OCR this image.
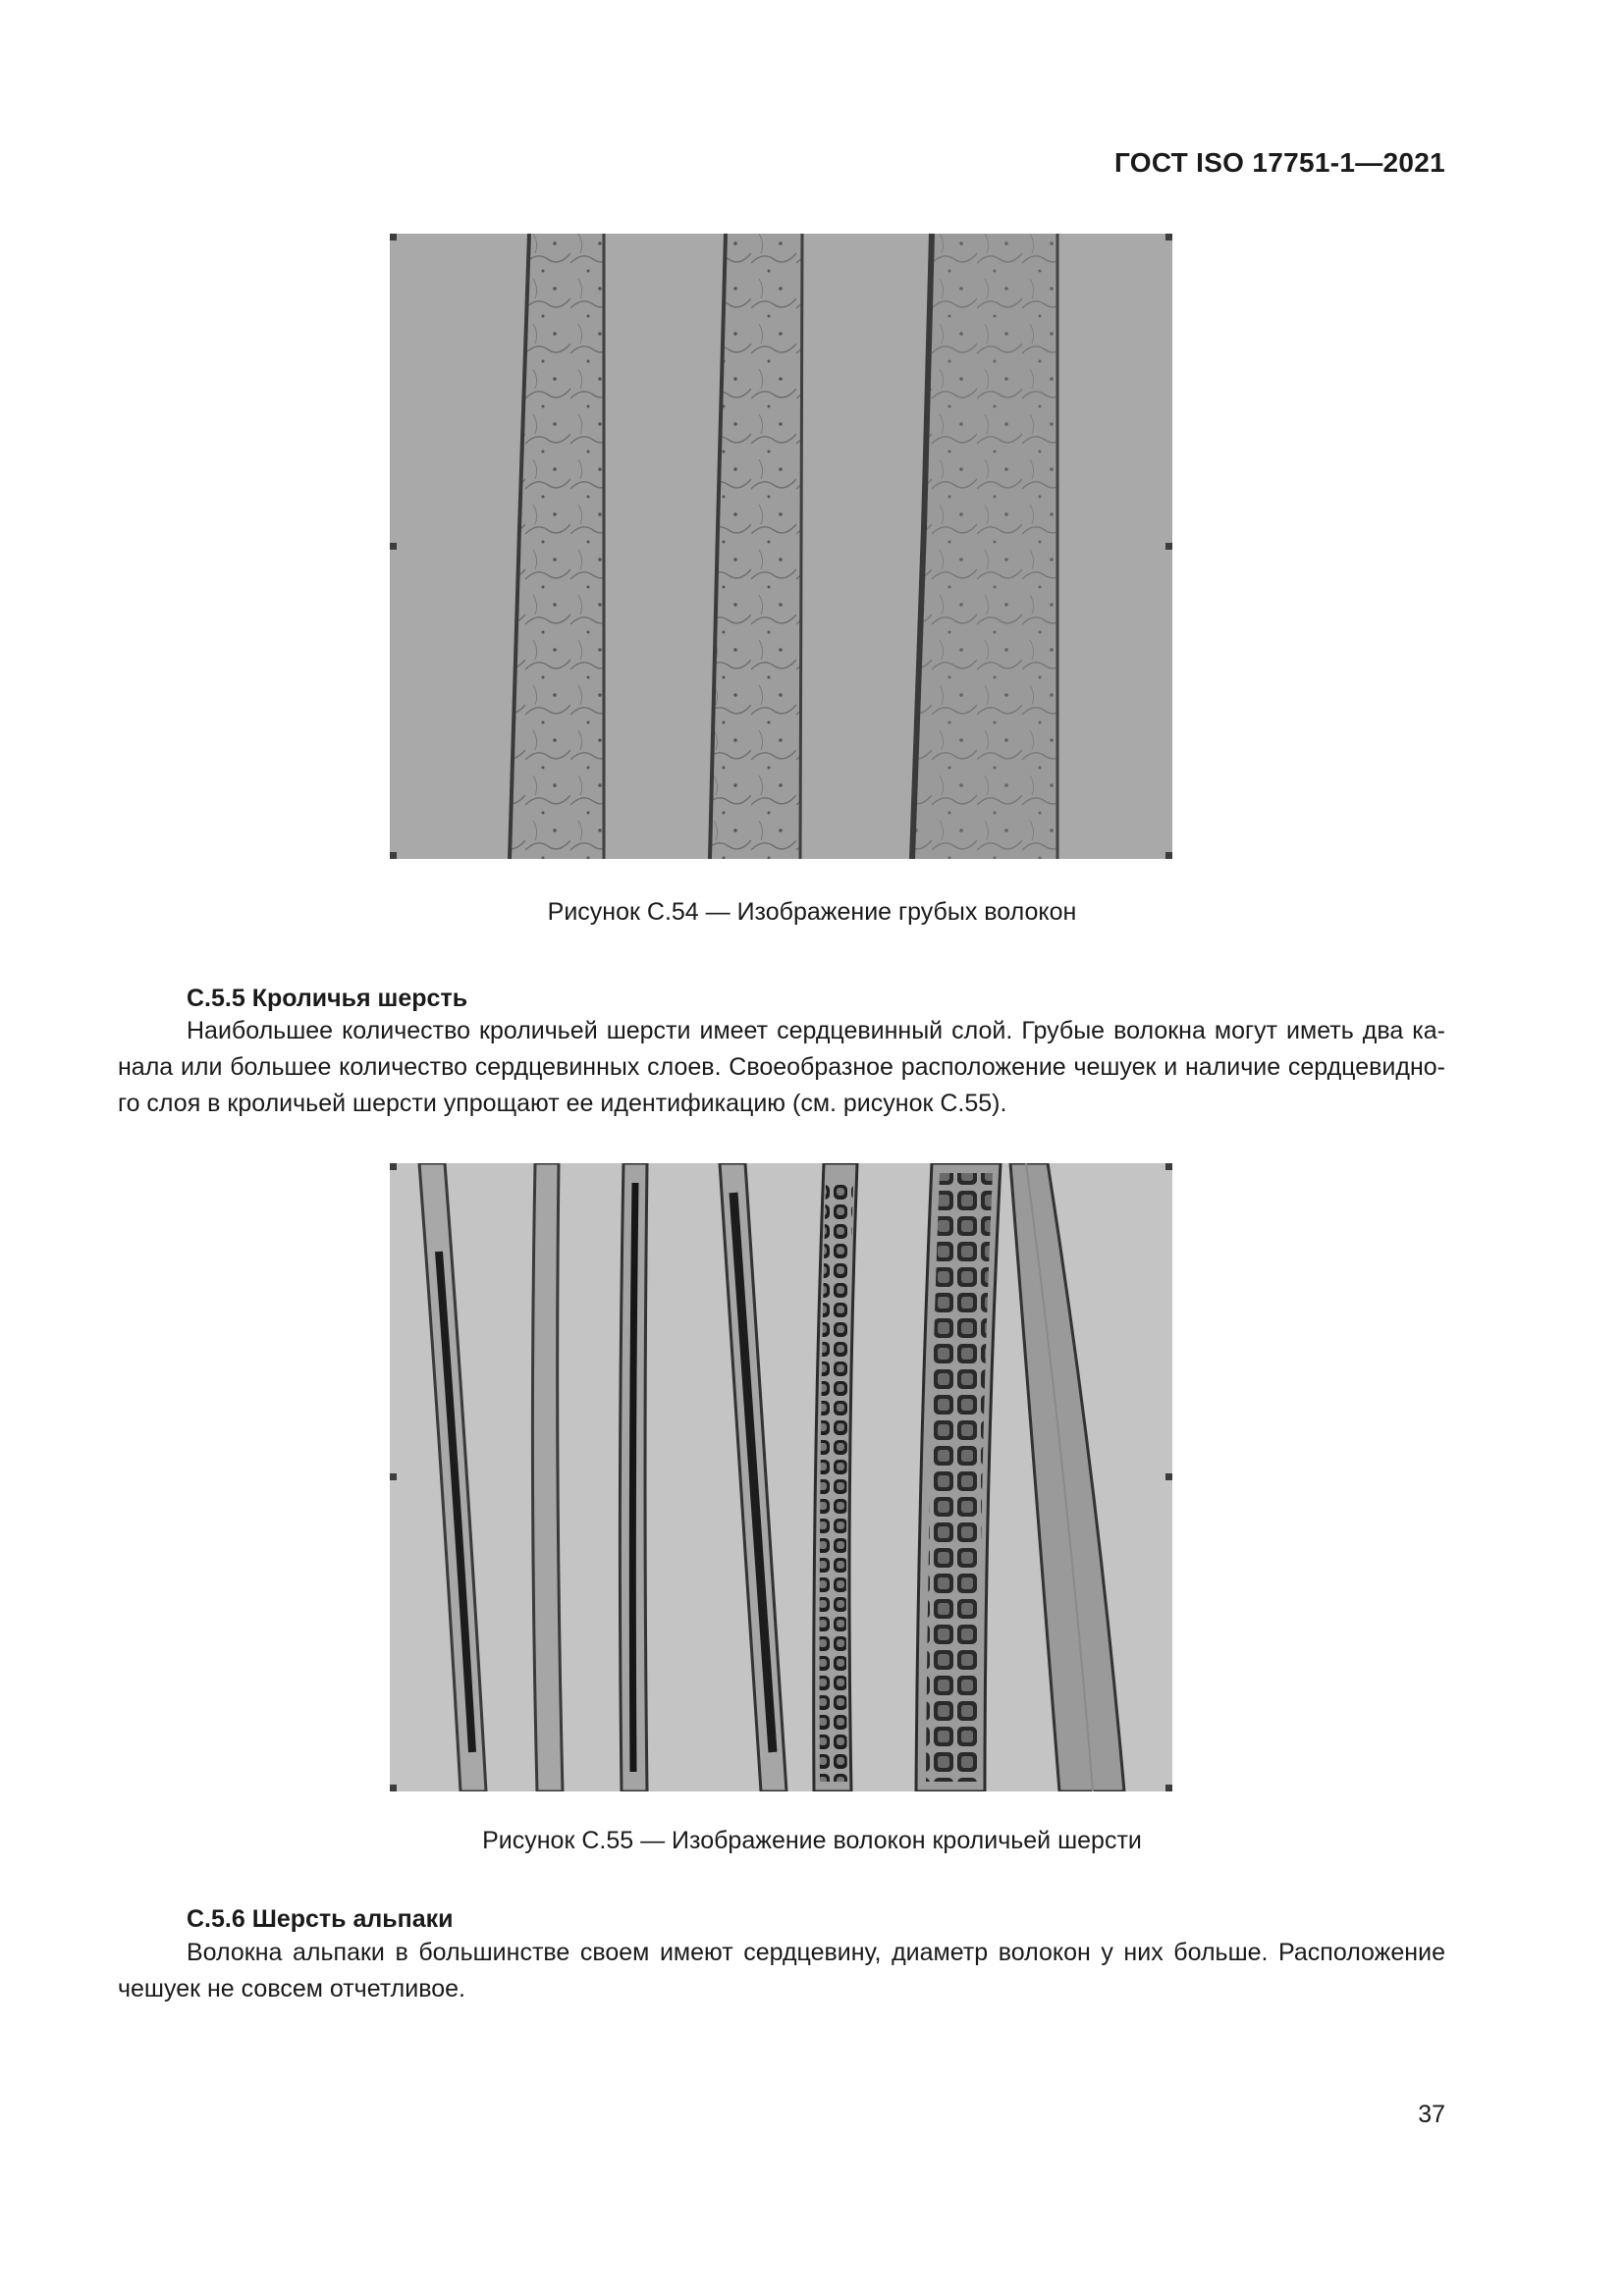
ГОСТ ISO 17751-1—2021
Рисунок С.54 — Изображение грубых волокон
С.5.5 Кроличья шерсть
Наибольшее количество кроличьей шерсти имеет сердцевинный слой. Грубые волокна могут иметь два ка-
нала или большее количество сердцевинных слоев. Своеобразное расположение чешуек и наличие сердцевидно-
го слоя в кроличьей шерсти упрощают ее идентификацию (см. рисунок С.55).
Рисунок С.55 — Изображение волокон кроличьей шерсти
С.5.6 Шерсть альпаки
Волокна альпаки в большинстве своем имеют сердцевину, диаметр волокон у них больше. Расположение
чешуек не совсем отчетливое.
37
